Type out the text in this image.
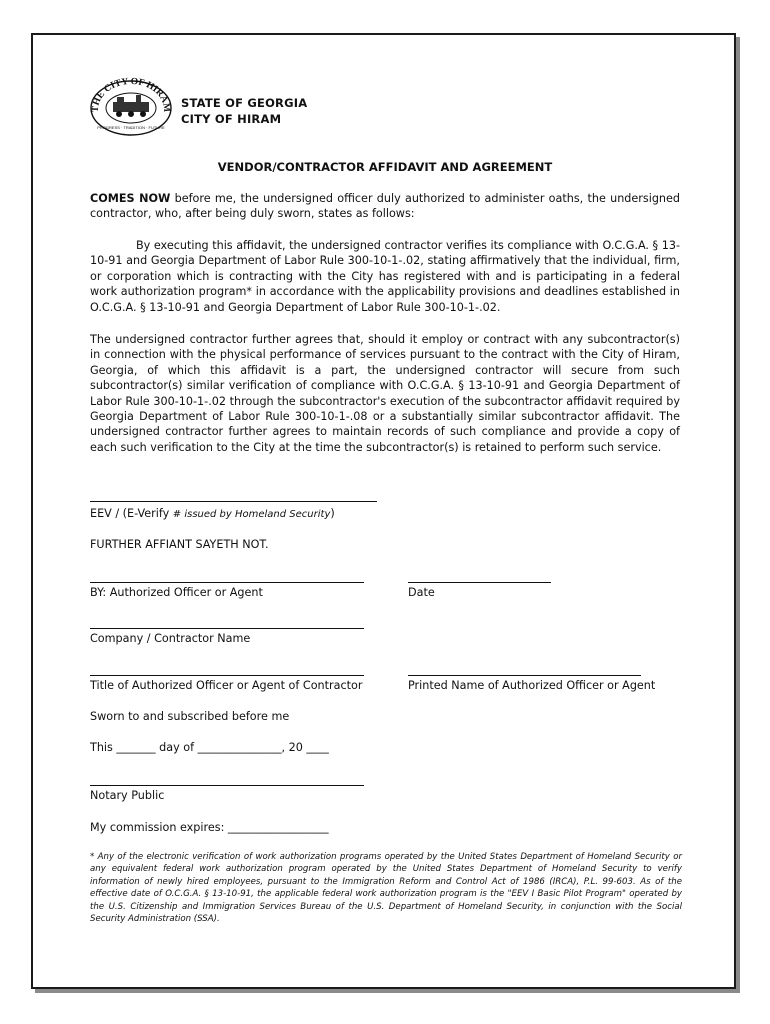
THE CITY OF HIRAM
PROGRESS · TRADITION · FUTURE
STATE OF GEORGIA
CITY OF HIRAM
VENDOR/CONTRACTOR AFFIDAVIT AND AGREEMENT
COMES NOW before me, the undersigned officer duly authorized to administer oaths, the undersigned contractor, who, after being duly sworn, states as follows:
By executing this affidavit, the undersigned contractor verifies its compliance with O.C.G.A. § 13-10-91 and Georgia Department of Labor Rule 300-10-1-.02, stating affirmatively that the individual, firm, or corporation which is contracting with the City has registered with and is participating in a federal work authorization program* in accordance with the applicability provisions and deadlines established in O.C.G.A. § 13-10-91 and Georgia Department of Labor Rule 300-10-1-.02.
The undersigned contractor further agrees that, should it employ or contract with any subcontractor(s) in connection with the physical performance of services pursuant to the contract with the City of Hiram, Georgia, of which this affidavit is a part, the undersigned contractor will secure from such subcontractor(s) similar verification of compliance with O.C.G.A. § 13-10-91 and Georgia Department of Labor Rule 300-10-1-.02 through the subcontractor's execution of the subcontractor affidavit required by Georgia Department of Labor Rule 300-10-1-.08 or a substantially similar subcontractor affidavit. The undersigned contractor further agrees to maintain records of such compliance and provide a copy of each such verification to the City at the time the subcontractor(s) is retained to perform such service.
EEV / (E-Verify # issued by Homeland Security)
FURTHER AFFIANT SAYETH NOT.
BY: Authorized Officer or Agent	Date
Company / Contractor Name
Title of Authorized Officer or Agent of Contractor	Printed Name of Authorized Officer or Agent
Sworn to and subscribed before me
This _______ day of _______________, 20 ____
Notary Public
My commission expires: __________________
* Any of the electronic verification of work authorization programs operated by the United States Department of Homeland Security or any equivalent federal work authorization program operated by the United States Department of Homeland Security to verify information of newly hired employees, pursuant to the Immigration Reform and Control Act of 1986 (IRCA), P.L. 99-603. As of the effective date of O.C.G.A. § 13-10-91, the applicable federal work authorization program is the "EEV I Basic Pilot Program" operated by the U.S. Citizenship and Immigration Services Bureau of the U.S. Department of Homeland Security, in conjunction with the Social Security Administration (SSA).
